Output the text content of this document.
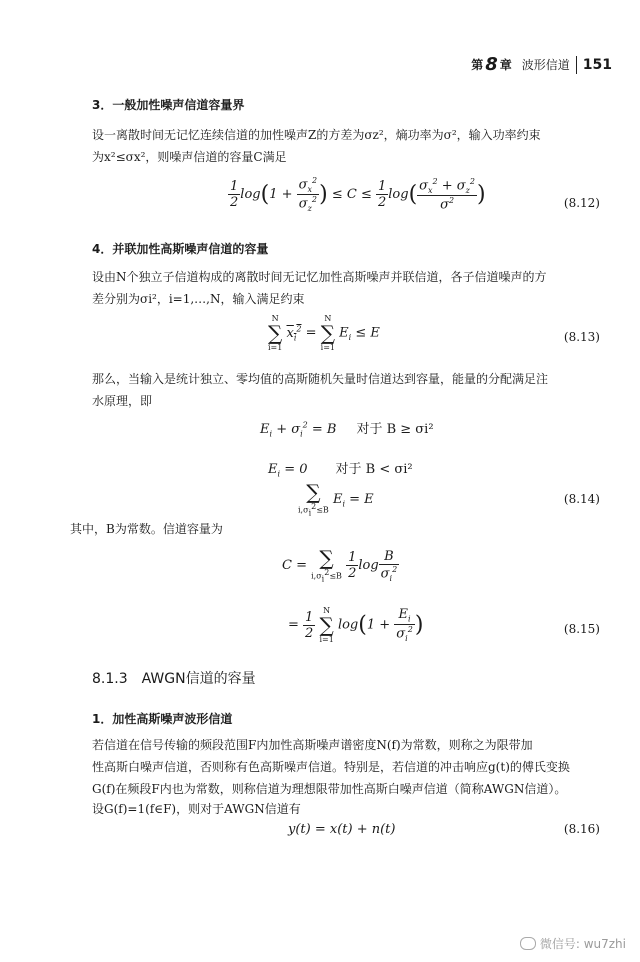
第 8 章 波形信道 151
3．一般加性噪声信道容量界
设一离散时间无记忆连续信道的加性噪声Z的方差为σz²，熵功率为σ²，输入功率约束
为x²≤σx²，则噪声信道的容量C满足
$\frac{1}{2} \log(1 + \frac{\sigma_x^2}{\sigma_z^2}$ ) ≤ $C \le \frac{1}{2} \log( \frac{\sigma_x^2 + \sigma_z^2}{\sigma^2}$ )	(8.12)
4．并联加性高斯噪声信道的容量
设由N个独立子信道构成的离散时间无记忆加性高斯噪声并联信道，各子信道噪声的方
差分别为σi²，i=1,…,N，输入满足约束
N
∑
i=1
$x_i^2$ =
N
∑
i=1
$E_i \le E$	(8.13)
那么，当输入是统计独立、零均值的高斯随机矢量时信道达到容量，能量的分配满足注
水原理，即
$E_i + \sigma_i^2 = B$ 对于 B ≥ σi²
$E_i = 0$ 对于 B < σi²
∑
$i,\sigma_i^2\le B$
$E_i = E$	(8.14)
其中，B为常数。信道容量为
C = ∑
$i,\sigma_i^2\le B$
$\frac{1}{2}$ $\log \frac{B}{\sigma_i^2}$
= $\frac{1}{2}$
N
∑
i=1
$\log(1 + \frac{E_i}{\sigma_i^2}$ )	(8.15)
8.1.3　AWGN信道的容量
1．加性高斯噪声波形信道
若信道在信号传输的频段范围F内加性高斯噪声谱密度N(f)为常数，则称之为限带加
性高斯白噪声信道，否则称有色高斯噪声信道。特别是，若信道的冲击响应g(t)的傅氏变换
G(f)在频段F内也为常数，则称信道为理想限带加性高斯白噪声信道（简称AWGN信道）。
设G(f)=1(f∈F)，则对于AWGN信道有
y(t) = x(t) + n(t)	(8.16)
微信号: wu7zhi
